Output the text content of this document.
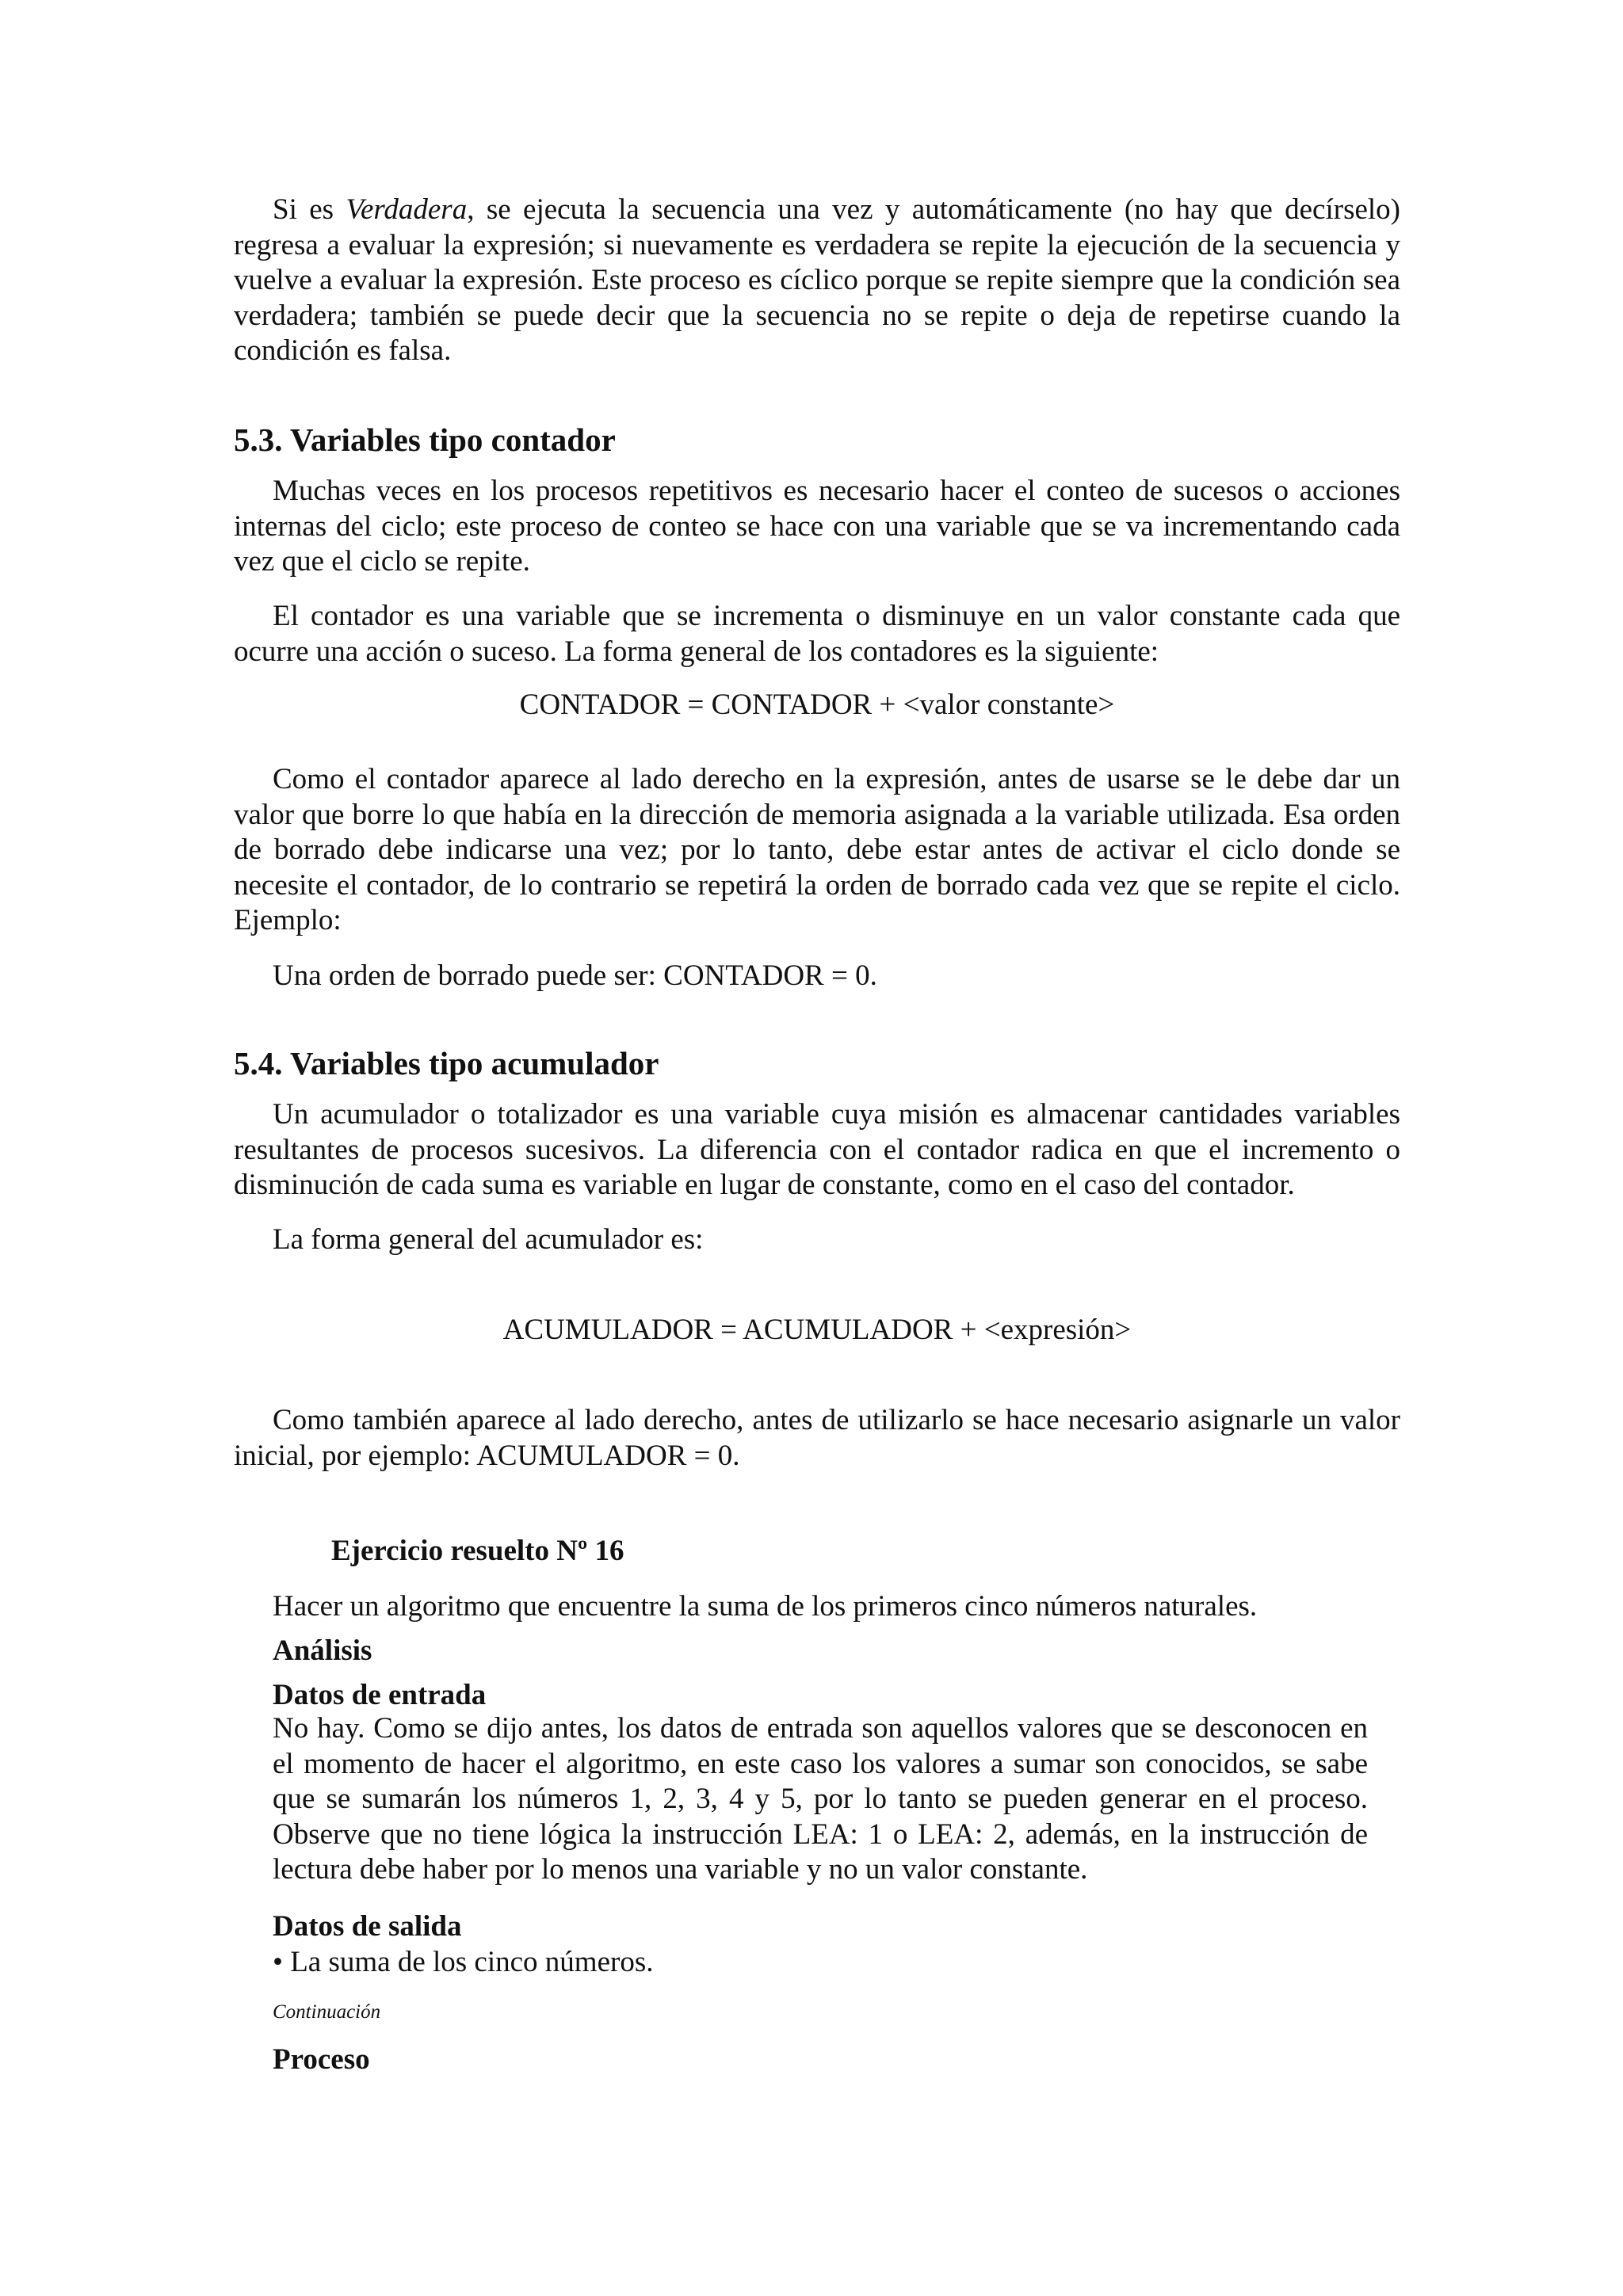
Si es Verdadera, se ejecuta la secuencia una vez y automáticamente (no hay que decírselo) regresa a evaluar la expresión; si nuevamente es verdadera se repite la ejecución de la secuencia y vuelve a evaluar la expresión. Este proceso es cíclico porque se repite siempre que la condición sea verdadera; también se puede decir que la secuencia no se repite o deja de repetirse cuando la condición es falsa.

5.3. Variables tipo contador

Muchas veces en los procesos repetitivos es necesario hacer el conteo de sucesos o acciones internas del ciclo; este proceso de conteo se hace con una variable que se va incrementando cada vez que el ciclo se repite.

El contador es una variable que se incrementa o disminuye en un valor constante cada que ocurre una acción o suceso. La forma general de los contadores es la siguiente:

CONTADOR = CONTADOR + <valor constante>

Como el contador aparece al lado derecho en la expresión, antes de usarse se le debe dar un valor que borre lo que había en la dirección de memoria asignada a la variable utilizada. Esa orden de borrado debe indicarse una vez; por lo tanto, debe estar antes de activar el ciclo donde se necesite el contador, de lo contrario se repetirá la orden de borrado cada vez que se repite el ciclo. Ejemplo:

Una orden de borrado puede ser: CONTADOR = 0.

5.4. Variables tipo acumulador

Un acumulador o totalizador es una variable cuya misión es almacenar cantidades variables resultantes de procesos sucesivos. La diferencia con el contador radica en que el incremento o disminución de cada suma es variable en lugar de constante, como en el caso del contador.

La forma general del acumulador es:

ACUMULADOR = ACUMULADOR + <expresión>

Como también aparece al lado derecho, antes de utilizarlo se hace necesario asignarle un valor inicial, por ejemplo: ACUMULADOR = 0.

Ejercicio resuelto Nº 16

Hacer un algoritmo que encuentre la suma de los primeros cinco números naturales.

Análisis

Datos de entrada

No hay. Como se dijo antes, los datos de entrada son aquellos valores que se desconocen en el momento de hacer el algoritmo, en este caso los valores a sumar son conocidos, se sabe que se sumarán los números 1, 2, 3, 4 y 5, por lo tanto se pueden generar en el proceso. Observe que no tiene lógica la instrucción LEA: 1 o LEA: 2, además, en la instrucción de lectura debe haber por lo menos una variable y no un valor constante.

Datos de salida

• La suma de los cinco números.

Continuación

Proceso
